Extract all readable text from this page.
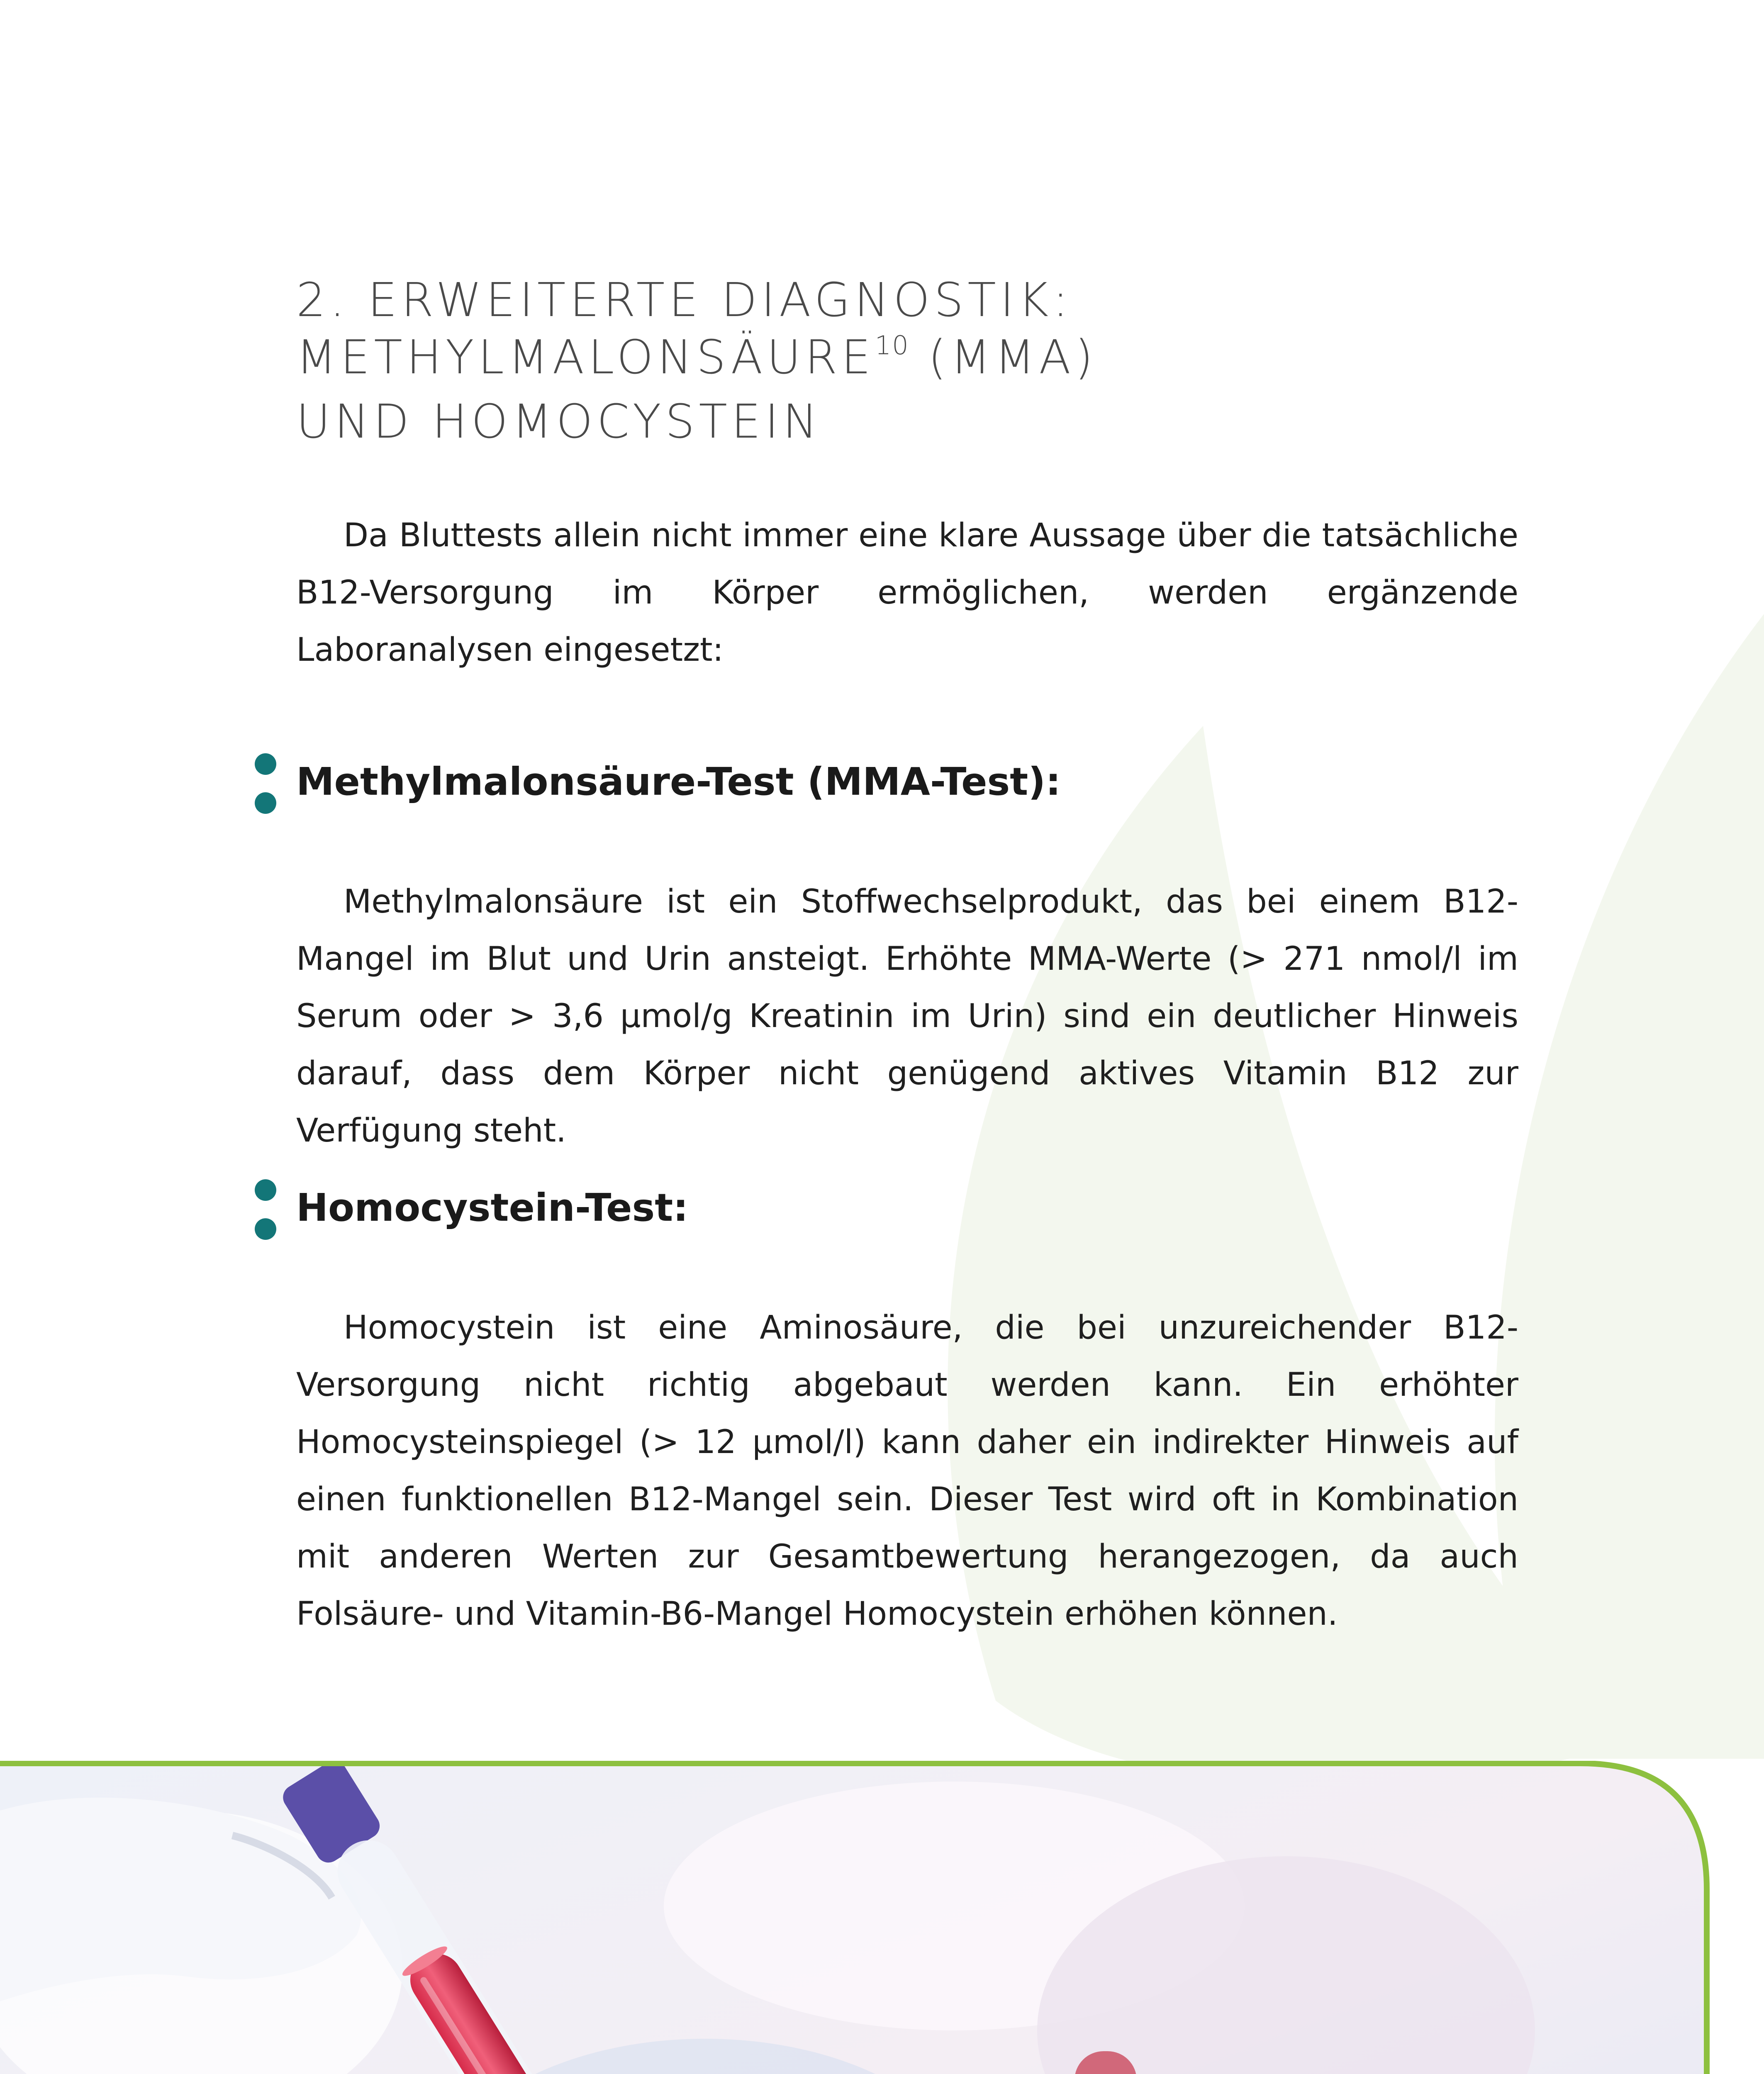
2. ERWEITERTE DIAGNOSTIK:
METHYLMALONSÄURE$^{10}$ (MMA)
UND HOMOCYSTEIN

Da Bluttests allein nicht immer eine klare Aussage über die tatsächliche B12-Versorgung im Körper ermöglichen, werden ergänzende Laboranalysen eingesetzt:

Methylmalonsäure-Test (MMA-Test):

Methylmalonsäure ist ein Stoffwechselprodukt, das bei einem B12-Mangel im Blut und Urin ansteigt. Erhöhte MMA-Werte (> 271 nmol/l im Serum oder > 3,6 µmol/g Kreatinin im Urin) sind ein deutlicher Hinweis darauf, dass dem Körper nicht genügend aktives Vitamin B12 zur Verfügung steht.

Homocystein-Test:

Homocystein ist eine Aminosäure, die bei unzureichender B12-Versorgung nicht richtig abgebaut werden kann. Ein erhöhter Homocysteinspiegel (> 12 µmol/l) kann daher ein indirekter Hinweis auf einen funktionellen B12-Mangel sein. Dieser Test wird oft in Kombination mit anderen Werten zur Gesamtbewertung herangezogen, da auch Folsäure- und Vitamin-B6-Mangel Homocystein erhöhen können.
